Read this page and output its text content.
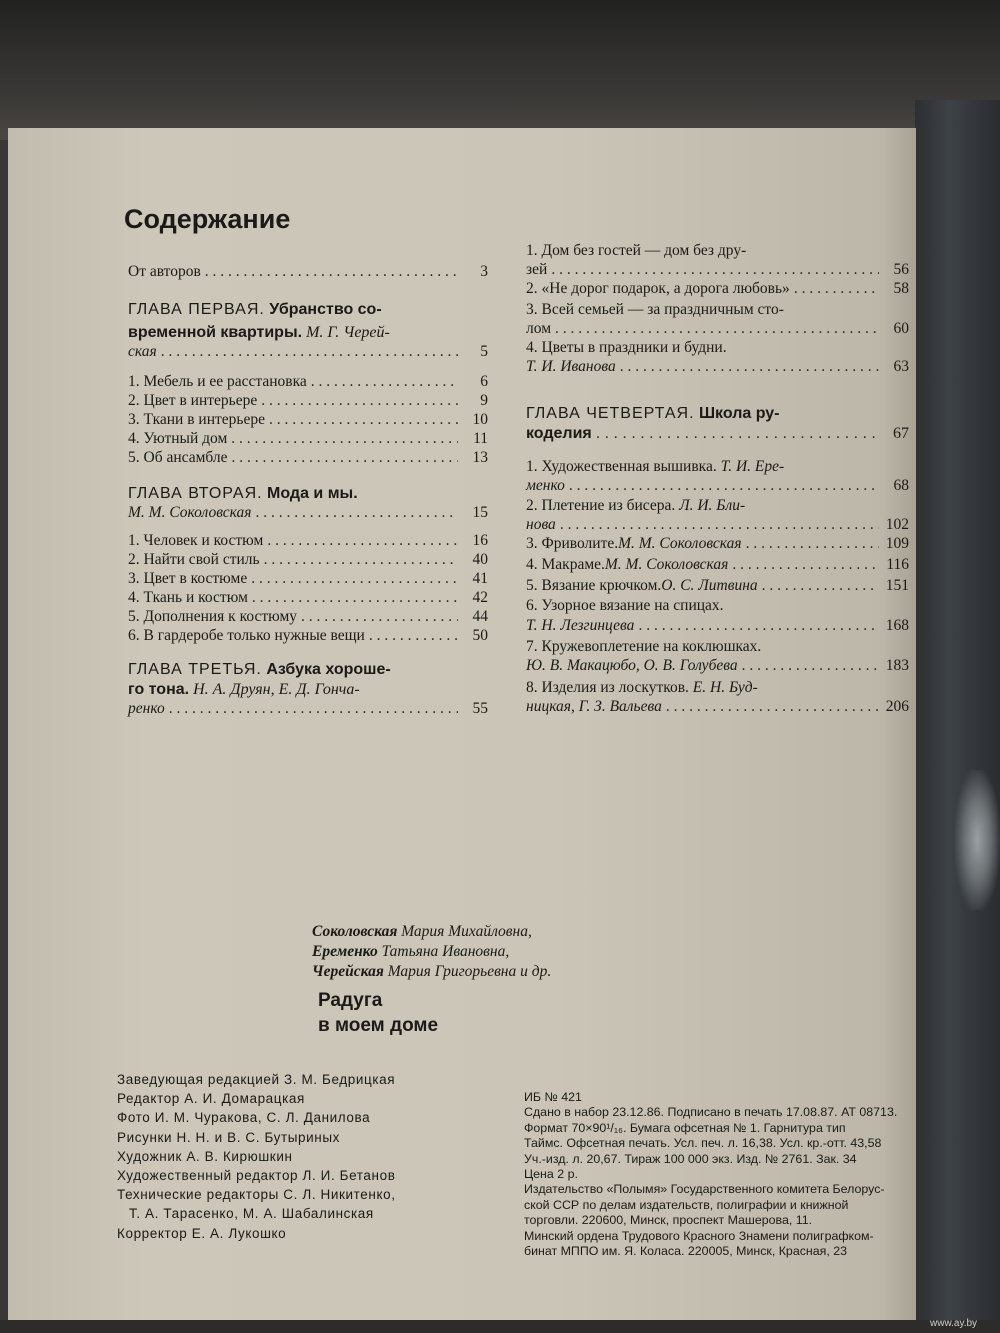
Содержание
От авторов . . .	3
ГЛАВА ПЕРВАЯ. Убранство со-
временной квартиры. М. Г. Черей-
ская . . .	5
1. Мебель и ее расстановка . . .	6
2. Цвет в интерьере . . .	9
3. Ткани в интерьере . . .	10
4. Уютный дом . . .	11
5. Об ансамбле . . .	13
ГЛАВА ВТОРАЯ. Мода и мы.
М. М. Соколовская . . .	15
1. Человек и костюм . . .	16
2. Найти свой стиль . . .	40
3. Цвет в костюме . . .	41
4. Ткань и костюм . . .	42
5. Дополнения к костюму . . .	44
6. В гардеробе только нужные вещи . . .	50
ГЛАВА ТРЕТЬЯ. Азбука хороше-
го тона. Н. А. Друян, Е. Д. Гонча-
ренко . . .	55
1. Дом без гостей — дом без дру-
зей . . .	56
2. «Не дорог подарок, а дорога любовь» . . .	58
3. Всей семьей — за праздничным сто-
лом . . .	60
4. Цветы в праздники и будни.
Т. И. Иванова . . .	63
ГЛАВА ЧЕТВЕРТАЯ. Школа ру-
коделия . . .	67
1. Художественная вышивка. Т. И. Ере-
менко . . .	68
2. Плетение из бисера. Л. И. Бли-
нова . . .	102
3. Фриволите. М. М. Соколовская . . .	109
4. Макраме. М. М. Соколовская . . .	116
5. Вязание крючком. О. С. Литвина . . .	151
6. Узорное вязание на спицах.
Т. Н. Лезгинцева . . .	168
7. Кружевоплетение на коклюшках.
Ю. В. Макацюбо, О. В. Голубева . . .	183
8. Изделия из лоскутков. Е. Н. Буд-
ницкая, Г. З. Вальева . . .	206
Соколовская Мария Михайловна,
Еременко Татьяна Ивановна,
Черейская Мария Григорьевна и др.
Радуга
в моем доме
Заведующая редакцией З. М. Бедрицкая
Редактор А. И. Домарацкая
Фото И. М. Чуракова, С. Л. Данилова
Рисунки Н. Н. и В. С. Бутыриных
Художник А. В. Кирюшкин
Художественный редактор Л. И. Бетанов
Технические редакторы С. Л. Никитенко,
Т. А. Тарасенко, М. А. Шабалинская
Корректор Е. А. Лукошко
ИБ № 421
Сдано в набор 23.12.86. Подписано в печать 17.08.87. АТ 08713.
Формат 70×90¹/₁₆. Бумага офсетная № 1. Гарнитура тип
Таймс. Офсетная печать. Усл. печ. л. 16,38. Усл. кр.-отт. 43,58
Уч.-изд. л. 20,67. Тираж 100 000 экз. Изд. № 2761. Зак. 34
Цена 2 р.
Издательство «Полымя» Государственного комитета Белорус-
ской ССР по делам издательств, полиграфии и книжной
торговли. 220600, Минск, проспект Машерова, 11.
Минский ордена Трудового Красного Знамени полиграфком-
бинат МППО им. Я. Коласа. 220005, Минск, Красная, 23
www.ay.by
